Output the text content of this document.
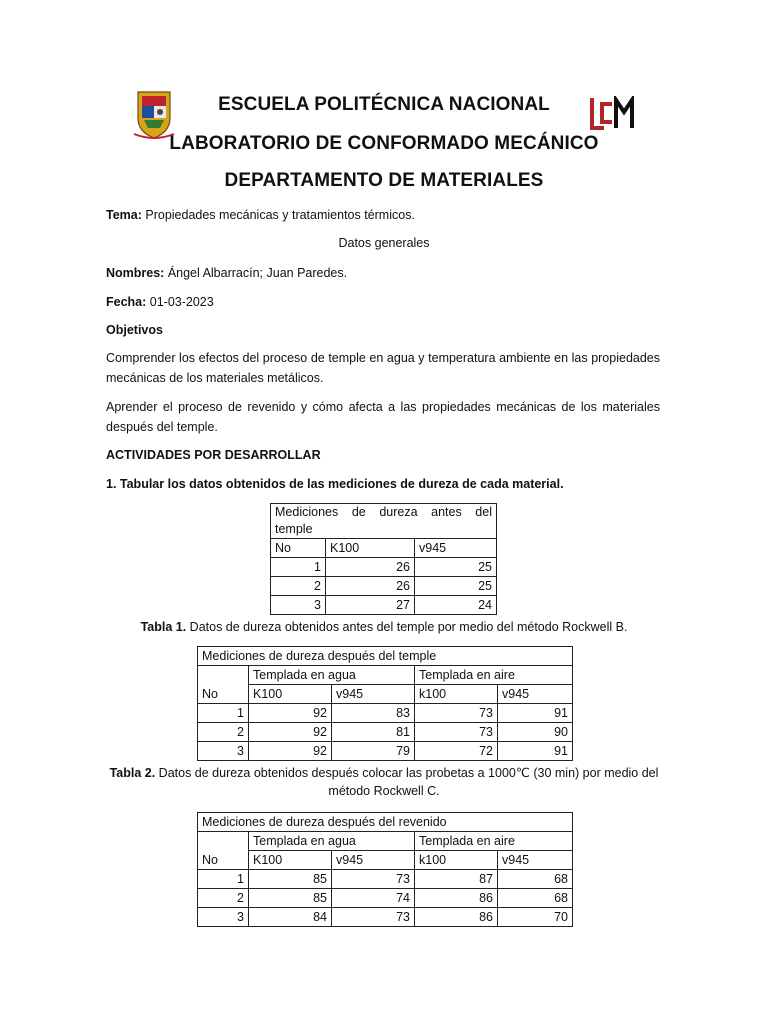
ESCUELA POLITÉCNICA NACIONAL
LABORATORIO DE CONFORMADO MECÁNICO
DEPARTAMENTO DE MATERIALES
Tema: Propiedades mecánicas y tratamientos térmicos.
Datos generales
Nombres: Ángel Albarracín; Juan Paredes.
Fecha: 01-03-2023
Objetivos
Comprender los efectos del proceso de temple en agua y temperatura ambiente en las propiedades mecánicas de los materiales metálicos.
Aprender el proceso de revenido y cómo afecta a las propiedades mecánicas de los materiales después del temple.
ACTIVIDADES POR DESARROLLAR
1. Tabular los datos obtenidos de las mediciones de dureza de cada material.
Mediciones de dureza antes del temple		
No	K100	v945
1	26	25
2	26	25
3	27	24
Tabla 1. Datos de dureza obtenidos antes del temple por medio del método Rockwell B.
Mediciones de dureza después del temple				
No	Templada en agua		Templada en aire	
	K100	v945	k100	v945
1	92	83	73	91
2	92	81	73	90
3	92	79	72	91
Tabla 2. Datos de dureza obtenidos después colocar las probetas a 1000℃ (30 min) por medio del
método Rockwell C.
Mediciones de dureza después del revenido				
No	Templada en agua		Templada en aire	
	K100	v945	k100	v945
1	85	73	87	68
2	85	74	86	68
3	84	73	86	70
